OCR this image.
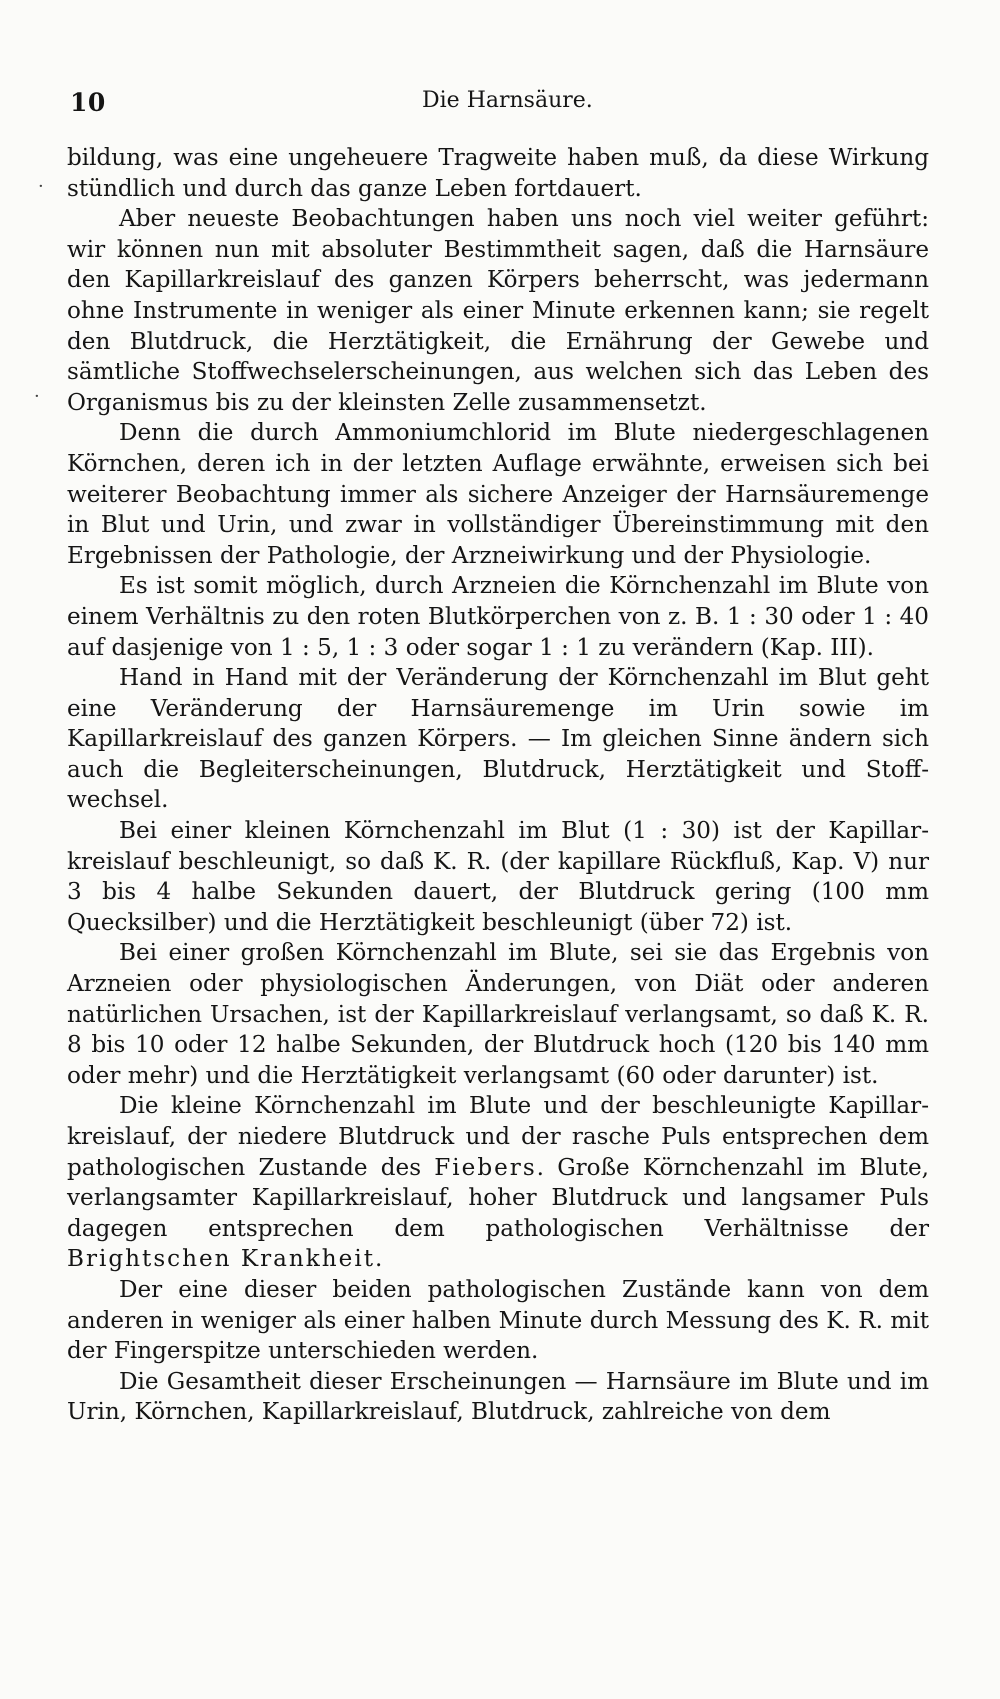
10	Die Harnsäure.

bildung, was eine ungeheuere Tragweite haben muß, da diese Wirkung stündlich und durch das ganze Leben fortdauert.

Aber neueste Beobachtungen haben uns noch viel weiter geführt: wir können nun mit absoluter Bestimmtheit sagen, daß die Harnsäure den Kapillarkreislauf des ganzen Körpers beherrscht, was jedermann ohne Instrumente in weniger als einer Minute erkennen kann; sie regelt den Blutdruck, die Herztätigkeit, die Ernährung der Gewebe und sämtliche Stoffwechselerscheinungen, aus welchen sich das Leben des Organismus bis zu der kleinsten Zelle zusammensetzt.

Denn die durch Ammoniumchlorid im Blute niedergeschlagenen Körnchen, deren ich in der letzten Auflage erwähnte, erweisen sich bei weiterer Beobachtung immer als sichere Anzeiger der Harnsäuremenge in Blut und Urin, und zwar in vollständiger Übereinstimmung mit den Ergebnissen der Pathologie, der Arzneiwirkung und der Physiologie.

Es ist somit möglich, durch Arzneien die Körnchenzahl im Blute von einem Verhältnis zu den roten Blutkörperchen von z. B. 1 : 30 oder 1 : 40 auf dasjenige von 1 : 5, 1 : 3 oder sogar 1 : 1 zu verändern (Kap. III).

Hand in Hand mit der Veränderung der Körnchenzahl im Blut geht eine Veränderung der Harnsäuremenge im Urin sowie im Kapillarkreislauf des ganzen Körpers. — Im gleichen Sinne ändern sich auch die Begleiterscheinungen, Blutdruck, Herztätigkeit und Stoffwechsel.

Bei einer kleinen Körnchenzahl im Blut (1 : 30) ist der Kapillarkreislauf beschleunigt, so daß K. R. (der kapillare Rückfluß, Kap. V) nur 3 bis 4 halbe Sekunden dauert, der Blutdruck gering (100 mm Quecksilber) und die Herztätigkeit beschleunigt (über 72) ist.

Bei einer großen Körnchenzahl im Blute, sei sie das Ergebnis von Arzneien oder physiologischen Änderungen, von Diät oder anderen natürlichen Ursachen, ist der Kapillarkreislauf verlangsamt, so daß K. R. 8 bis 10 oder 12 halbe Sekunden, der Blutdruck hoch (120 bis 140 mm oder mehr) und die Herztätigkeit verlangsamt (60 oder darunter) ist.

Die kleine Körnchenzahl im Blute und der beschleunigte Kapillarkreislauf, der niedere Blutdruck und der rasche Puls entsprechen dem pathologischen Zustande des Fiebers. Große Körnchenzahl im Blute, verlangsamter Kapillarkreislauf, hoher Blutdruck und langsamer Puls dagegen entsprechen dem pathologischen Verhältnisse der Brightschen Krankheit.

Der eine dieser beiden pathologischen Zustände kann von dem anderen in weniger als einer halben Minute durch Messung des K. R. mit der Fingerspitze unterschieden werden.

Die Gesamtheit dieser Erscheinungen — Harnsäure im Blute und im Urin, Körnchen, Kapillarkreislauf, Blutdruck, zahlreiche von dem

·
·
